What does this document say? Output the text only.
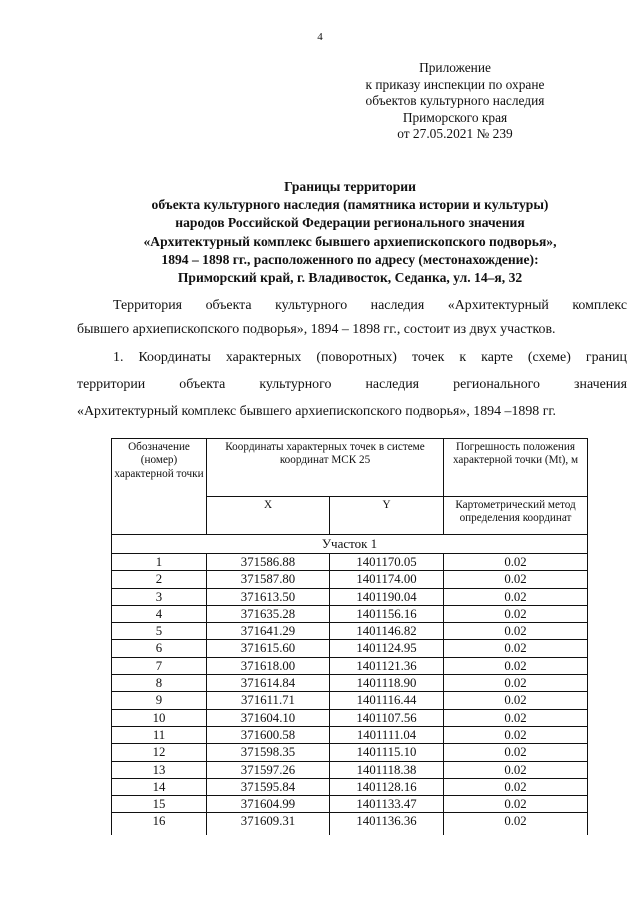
4
Приложение
к приказу инспекции по охране
объектов культурного наследия
Приморского края
от 27.05.2021 № 239
Границы территории
объекта культурного наследия (памятника истории и культуры)
народов Российской Федерации регионального значения
«Архитектурный комплекс бывшего архиепископского подворья»,
1894 – 1898 гг., расположенного по адресу (местонахождение):
Приморский край, г. Владивосток, Седанка, ул. 14–я, 32
Территория объекта культурного наследия «Архитектурный комплекс
бывшего архиепископского подворья», 1894 – 1898 гг., состоит из двух участков.
1. Координаты характерных (поворотных) точек к карте (схеме) границ
территории объекта культурного наследия регионального значения
«Архитектурный комплекс бывшего архиепископского подворья», 1894 –1898 гг.
Обозначение (номер) характерной точки	Координаты характерных точек в системе координат МСК 25		Погрешность положения характерной точки (Mt), м
	X	Y	Картометрический метод определения координат
Участок 1			
1	371586.88	1401170.05	0.02
2	371587.80	1401174.00	0.02
3	371613.50	1401190.04	0.02
4	371635.28	1401156.16	0.02
5	371641.29	1401146.82	0.02
6	371615.60	1401124.95	0.02
7	371618.00	1401121.36	0.02
8	371614.84	1401118.90	0.02
9	371611.71	1401116.44	0.02
10	371604.10	1401107.56	0.02
11	371600.58	1401111.04	0.02
12	371598.35	1401115.10	0.02
13	371597.26	1401118.38	0.02
14	371595.84	1401128.16	0.02
15	371604.99	1401133.47	0.02
16	371609.31	1401136.36	0.02
